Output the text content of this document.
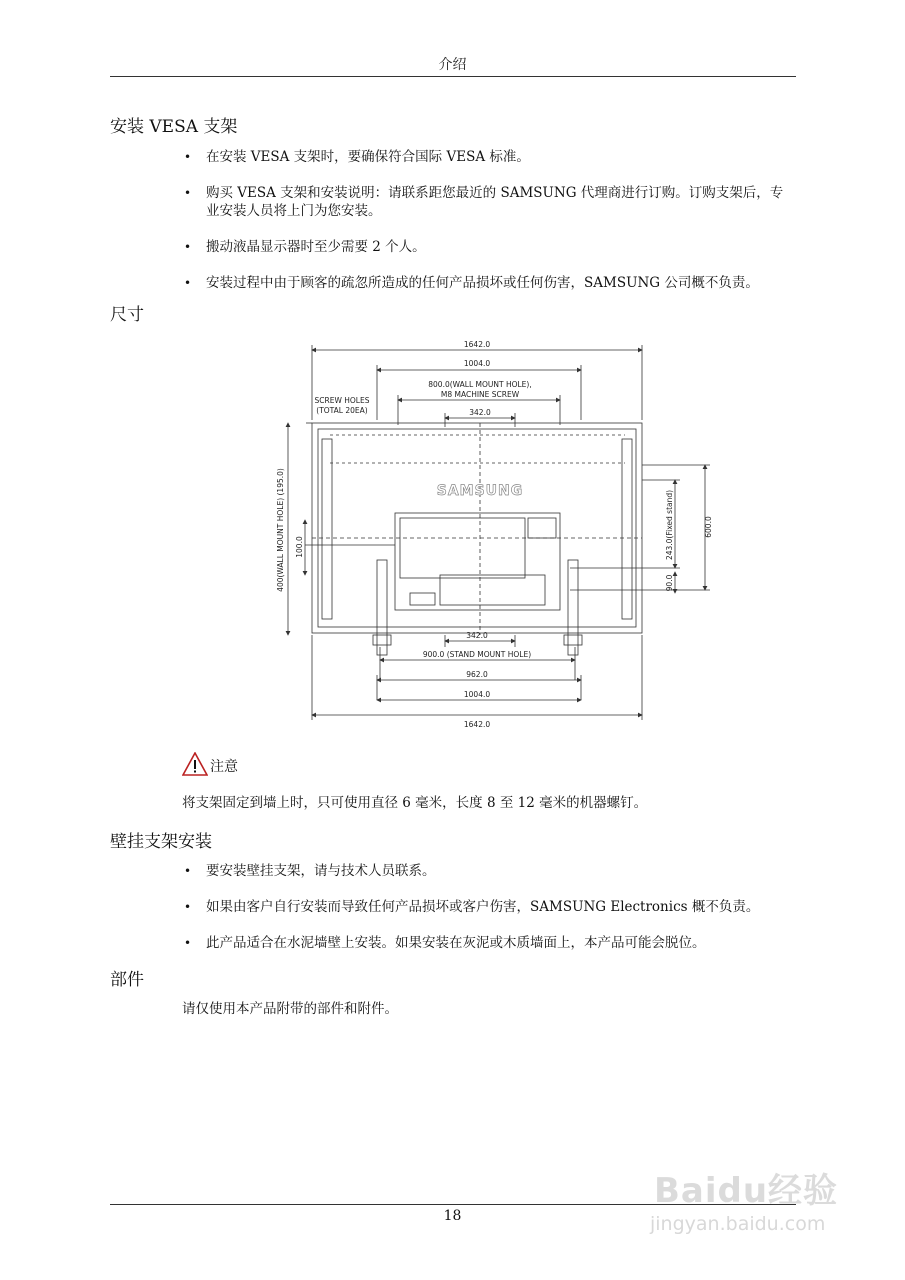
介绍
安装 VESA 支架
• 在安装 VESA 支架时，要确保符合国际 VESA 标准。
• 购买 VESA 支架和安装说明：请联系距您最近的 SAMSUNG 代理商进行订购。订购支架后，专业安装人员将上门为您安装。
• 搬动液晶显示器时至少需要 2 个人。
• 安装过程中由于顾客的疏忽所造成的任何产品损坏或任何伤害，SAMSUNG 公司概不负责。
尺寸
1642.0
1004.0
800.0(WALL MOUNT HOLE),
M8 MACHINE SCREW
SCREW HOLES
(TOTAL 20EA)	342.0
342.0
900.0 (STAND MOUNT HOLE)
962.0
1004.0
1642.0
400(WALL MOUNT HOLE) (195.0) 100.0	243.0(Fixed stand)	600.0
90.0
SAMSUNG
注意
将支架固定到墙上时，只可使用直径 6 毫米，长度 8 至 12 毫米的机器螺钉。
壁挂支架安装
• 要安装壁挂支架，请与技术人员联系。
• 如果由客户自行安装而导致任何产品损坏或客户伤害，SAMSUNG Electronics 概不负责。
• 此产品适合在水泥墙壁上安装。如果安装在灰泥或木质墙面上，本产品可能会脱位。
部件
请仅使用本产品附带的部件和附件。
18
Baidu经验
jingyan.baidu.com
